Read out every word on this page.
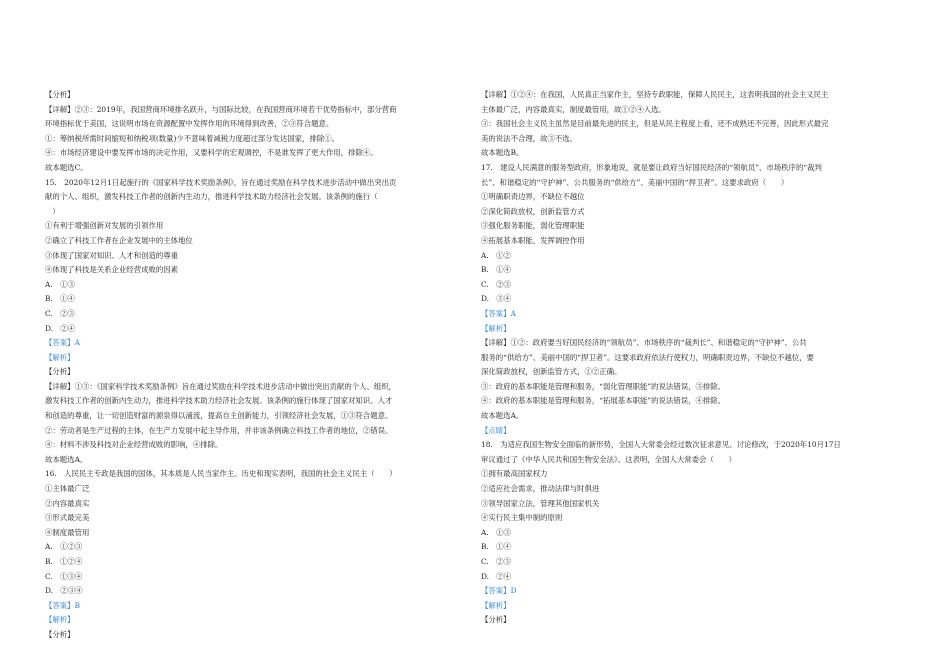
【分析】
【详解】②③：2019年，我国营商环境排名跃升，与国际比较，在我国营商环境若干优势指标中，部分营商
环境指标优于美国，这说明市场在资源配置中发挥作用的环境得到改善，②③符合题意。
①：筹纳税所需时间缩短和纳税项(数量)少不意味着减税力度超过部分发达国家，排除①。
④：市场经济建设中要发挥市场的决定作用，又要科学的宏观调控，不是谁发挥了更大作用，排除④。
故本题选C。
15.　2020年12月1日起施行的《国家科学技术奖励条例》，旨在通过奖励在科学技术进步活动中做出突出贡
献的个人、组织，激发科技工作者的创新内生动力，推进科学技术助力经济社会发展。该条例的施行（
　）
①有利于增强创新对发展的引领作用
②确立了科技工作者在企业发展中的主体地位
③体现了国家对知识、人才和创造的尊重
④体现了科技是关系企业经营成败的因素
A.　①③
B.　①④
C.　②③
D.　②④
【答案】A
【解析】
【分析】
【详解】①③：《国家科学技术奖励条例》旨在通过奖励在科学技术进步活动中做出突出贡献的个人、组织，
激发科技工作者的创新内生动力，推进科学技术助力经济社会发展。该条例的施行体现了国家对知识、人才
和创造的尊重，让一切创造财富的源泉得以涌流，提高自主创新能力，引领经济社会发展，①③符合题意。
②：劳动者是生产过程的主体，在生产力发展中起主导作用，并非该条例确立科技工作者的地位，②错误。
④：材料不涉及科技对企业经营成败的影响，④排除。
故本题选A。
16.　人民民主专政是我国的国体，其本质是人民当家作主。历史和现实表明，我国的社会主义民主（　　）
①主体最广泛
②内容最真实
③形式最完美
④制度最管用
A.　①②③
B.　①②④
C.　①③④
D.　②③④
【答案】B
【解析】
【分析】
【详解】①②④：在我国，人民真正当家作主，坚持专政职能，保障人民民主，这表明我国的社会主义民主
主体最广泛，内容最真实，制度最管用，故①②④入选。
③：我国社会主义民主虽然是目前最先进的民主，但是从民主程度上看，还不成熟还不完善，因此形式最完
美的说法不合理，故③不选。
故本题选B。
17.　建设人民满意的服务型政府，形象地说，就是要让政府当好国民经济的“领航员”、市场秩序的“裁判
长”、和谐稳定的“守护神”、公共服务的“供给方”、美丽中国的“捍卫者”。这要求政府（　　）
①明确职责边界，不缺位不越位
②深化简政放权，创新监管方式
③强化服务职能，弱化管理职能
④拓展基本职能，发挥调控作用
A.　①②
B.　①④
C.　②③
D.　③④
【答案】A
【解析】
【详解】①②：政府要当好国民经济的“领航员”、市场秩序的“裁判长”、和谐稳定的“守护神”、公共
服务的“供给方”、美丽中国的“捍卫者”。这要求政府依法行使权力，明确职责边界，不缺位不越位，要
深化简政放权，创新监管方式，①②正确。
③：政府的基本职能是管理和服务，“弱化管理职能”的说法错误，③排除。
④：政府的基本职能是管理和服务，“拓展基本职能”的说法错误，④排除。
故本题选A。
【点睛】
18.　为适应我国生物安全面临的新形势，全国人大常委会经过数次征求意见、讨论修改，于2020年10月17日
审议通过了《中华人民共和国生物安全法》。这表明，全国人大常委会（　　）
①拥有最高国家权力
②适应社会需求，推动法律与时俱进
③领导国家立法，管理其他国家机关
④实行民主集中制的原则
A.　①③
B.　①④
C.　②③
D.　②④
【答案】D
【解析】
【分析】
